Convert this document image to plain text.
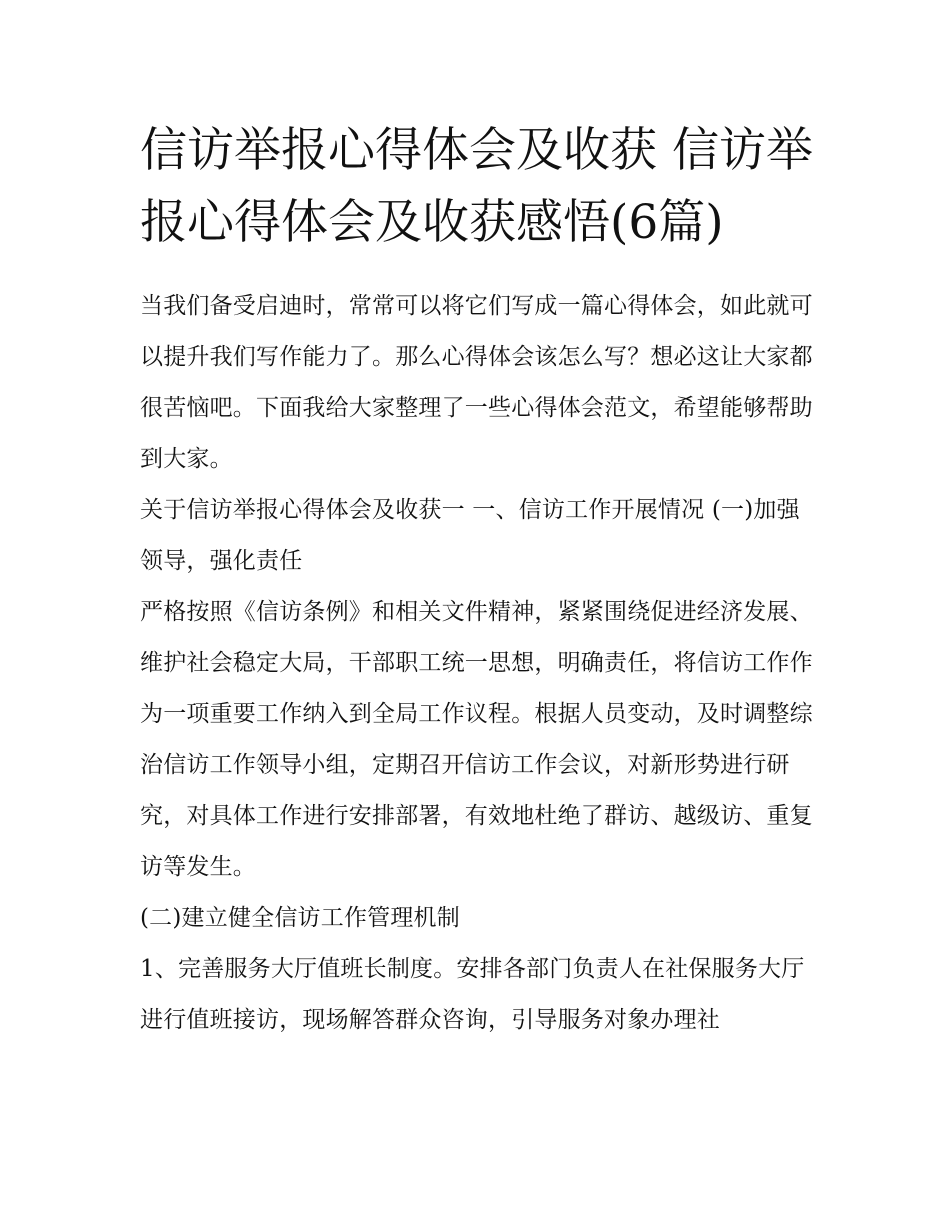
信访举报心得体会及收获 信访举报心得体会及收获感悟(6篇)

当我们备受启迪时，常常可以将它们写成一篇心得体会，如此就可以提升我们写作能力了。那么心得体会该怎么写？想必这让大家都很苦恼吧。下面我给大家整理了一些心得体会范文，希望能够帮助到大家。

关于信访举报心得体会及收获一 一、信访工作开展情况 (一)加强领导，强化责任

严格按照《信访条例》和相关文件精神，紧紧围绕促进经济发展、维护社会稳定大局，干部职工统一思想，明确责任，将信访工作作为一项重要工作纳入到全局工作议程。根据人员变动，及时调整综治信访工作领导小组，定期召开信访工作会议，对新形势进行研究，对具体工作进行安排部署，有效地杜绝了群访、越级访、重复访等发生。

(二)建立健全信访工作管理机制

1、完善服务大厅值班长制度。安排各部门负责人在社保服务大厅进行值班接访，现场解答群众咨询，引导服务对象办理社
